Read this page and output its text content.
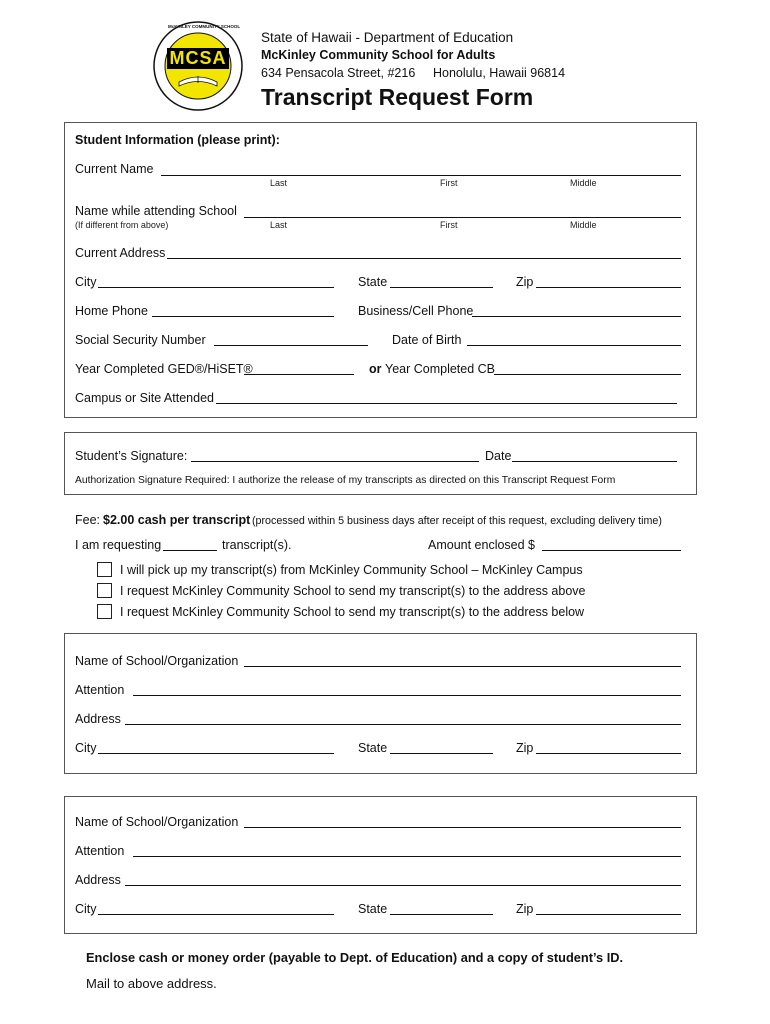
MCSA
McKINLEY COMMUNITY SCHOOL
State of Hawaii - Department of Education
McKinley Community School for Adults
634 Pensacola Street, #216 Honolulu, Hawaii 96814
Transcript Request Form
Student Information (please print):
Current Name
Last	First	Middle
Name while attending School
(If different from above)	Last	First	Middle
Current Address
City	State	Zip
Home Phone	Business/Cell Phone
Social Security Number	Date of Birth
Year Completed GED®/HiSET®	or Year Completed CB
Campus or Site Attended
Student’s Signature:	Date
Authorization Signature Required: I authorize the release of my transcripts as directed on this Transcript Request Form
Fee: $2.00 cash per transcript (processed within 5 business days after receipt of this request, excluding delivery time)
I am requesting	transcript(s).	Amount enclosed $
I will pick up my transcript(s) from McKinley Community School – McKinley Campus
I request McKinley Community School to send my transcript(s) to the address above
I request McKinley Community School to send my transcript(s) to the address below
Name of School/Organization
Attention
Address
City	State	Zip
Name of School/Organization
Attention
Address
City	State	Zip
Enclose cash or money order (payable to Dept. of Education) and a copy of student’s ID.
Mail to above address.
